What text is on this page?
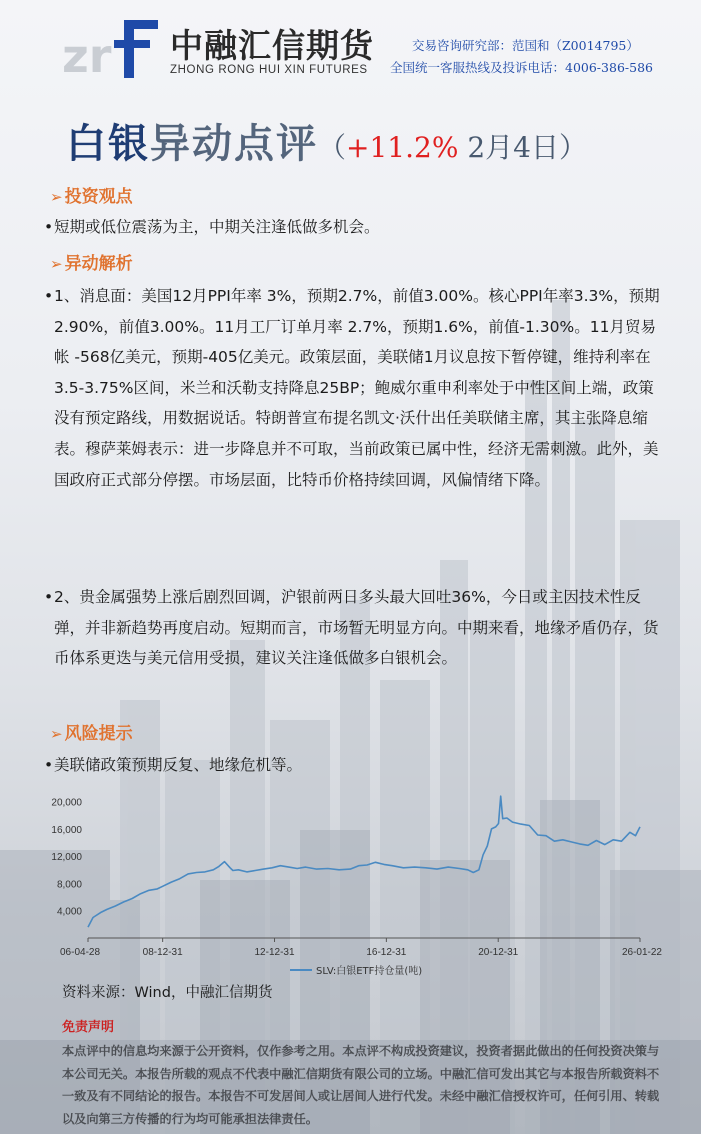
zr 中融汇信期货
ZHONG RONG HUI XIN FUTURES
交易咨询研究部：范国和（Z0014795）
全国统一客服热线及投诉电话：4006-386-586
白银异动点评（+11.2% 2月4日）
➢ 投资观点
• 短期或低位震荡为主，中期关注逢低做多机会。
➢ 异动解析
• 1、消息面：美国12月PPI年率 3%，预期2.7%，前值3.00%。核心PPI年率3.3%，预期2.90%，前值3.00%。11月工厂订单月率 2.7%，预期1.6%，前值-1.30%。11月贸易帐 -568亿美元，预期-405亿美元。政策层面，美联储1月议息按下暂停键，维持利率在3.5-3.75%区间，米兰和沃勒支持降息25BP；鲍威尔重申利率处于中性区间上端，政策没有预定路线，用数据说话。特朗普宣布提名凯文·沃什出任美联储主席，其主张降息缩表。穆萨莱姆表示：进一步降息并不可取，当前政策已属中性，经济无需刺激。此外，美国政府正式部分停摆。市场层面，比特币价格持续回调，风偏情绪下降。
• 2、贵金属强势上涨后剧烈回调，沪银前两日多头最大回吐36%，今日或主因技术性反弹，并非新趋势再度启动。短期而言，市场暂无明显方向。中期来看，地缘矛盾仍存，货币体系更迭与美元信用受损，建议关注逢低做多白银机会。
➢ 风险提示
• 美联储政策预期反复、地缘危机等。
4,000
8,000
12,000
16,000
20,000
06-04-28	08-12-31	12-12-31	16-12-31	20-12-31	26-01-22
SLV:白银ETF持仓量(吨)
资料来源：Wind，中融汇信期货
免责声明
本点评中的信息均来源于公开资料，仅作参考之用。本点评不构成投资建议，投资者据此做出的任何投资决策与本公司无关。本报告所载的观点不代表中融汇信期货有限公司的立场。中融汇信可发出其它与本报告所载资料不一致及有不同结论的报告。本报告不可发居间人或让居间人进行代发。未经中融汇信授权许可，任何引用、转载以及向第三方传播的行为均可能承担法律责任。
